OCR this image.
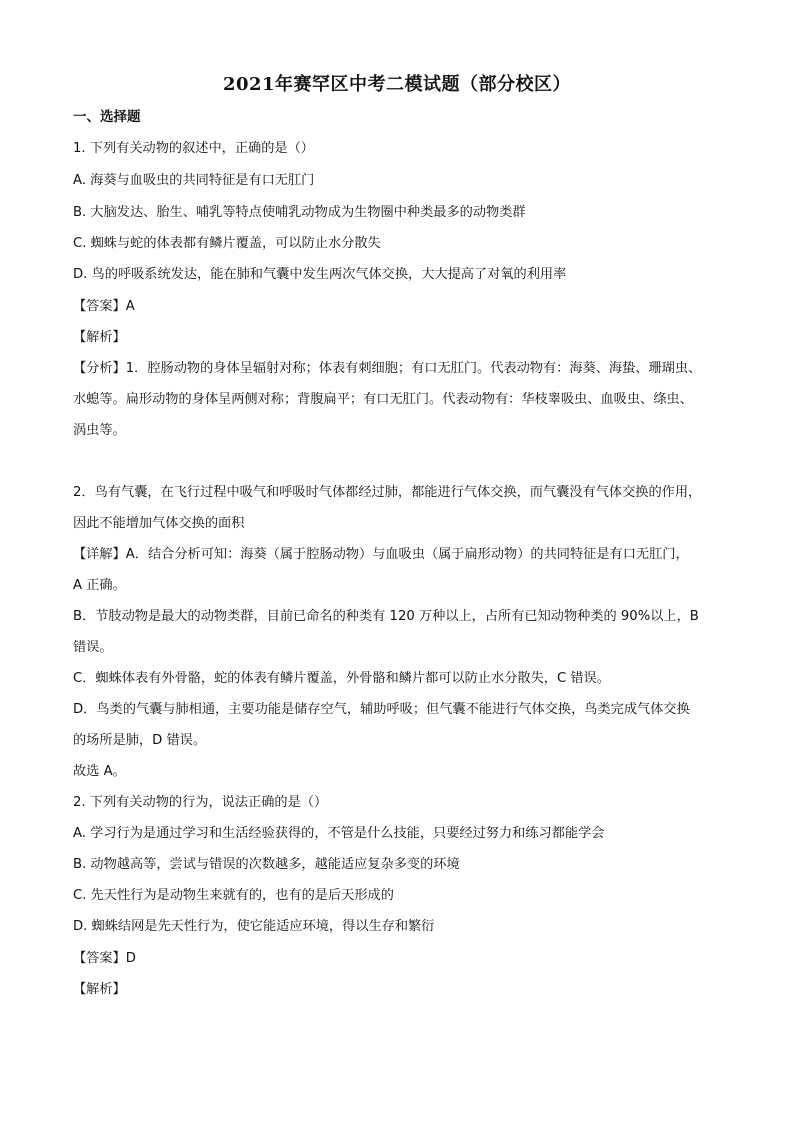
2021年赛罕区中考二模试题（部分校区）
一、选择题
1. 下列有关动物的叙述中，正确的是（）
A. 海葵与血吸虫的共同特征是有口无肛门
B. 大脑发达、胎生、哺乳等特点使哺乳动物成为生物圈中种类最多的动物类群
C. 蜘蛛与蛇的体表都有鳞片覆盖，可以防止水分散失
D. 鸟的呼吸系统发达，能在肺和气囊中发生两次气体交换，大大提高了对氧的利用率
【答案】A
【解析】
【分析】1．腔肠动物的身体呈辐射对称；体表有刺细胞；有口无肛门。代表动物有：海葵、海蛰、珊瑚虫、
水螅等。扁形动物的身体呈两侧对称；背腹扁平；有口无肛门。代表动物有：华枝睾吸虫、血吸虫、绦虫、
涡虫等。
2．鸟有气囊，在飞行过程中吸气和呼吸时气体都经过肺，都能进行气体交换，而气囊没有气体交换的作用，
因此不能增加气体交换的面积
【详解】A．结合分析可知：海葵（属于腔肠动物）与血吸虫（属于扁形动物）的共同特征是有口无肛门，
A 正确。
B．节肢动物是最大的动物类群，目前已命名的种类有 120 万种以上，占所有已知动物种类的 90%以上，B
错误。
C．蜘蛛体表有外骨骼，蛇的体表有鳞片覆盖，外骨骼和鳞片都可以防止水分散失，C 错误。
D．鸟类的气囊与肺相通，主要功能是储存空气，辅助呼吸；但气囊不能进行气体交换，鸟类完成气体交换
的场所是肺，D 错误。
故选 A。
2. 下列有关动物的行为，说法正确的是（）
A. 学习行为是通过学习和生活经验获得的，不管是什么技能，只要经过努力和练习都能学会
B. 动物越高等，尝试与错误的次数越多，越能适应复杂多变的环境
C. 先天性行为是动物生来就有的，也有的是后天形成的
D. 蜘蛛结网是先天性行为，使它能适应环境，得以生存和繁衍
【答案】D
【解析】
